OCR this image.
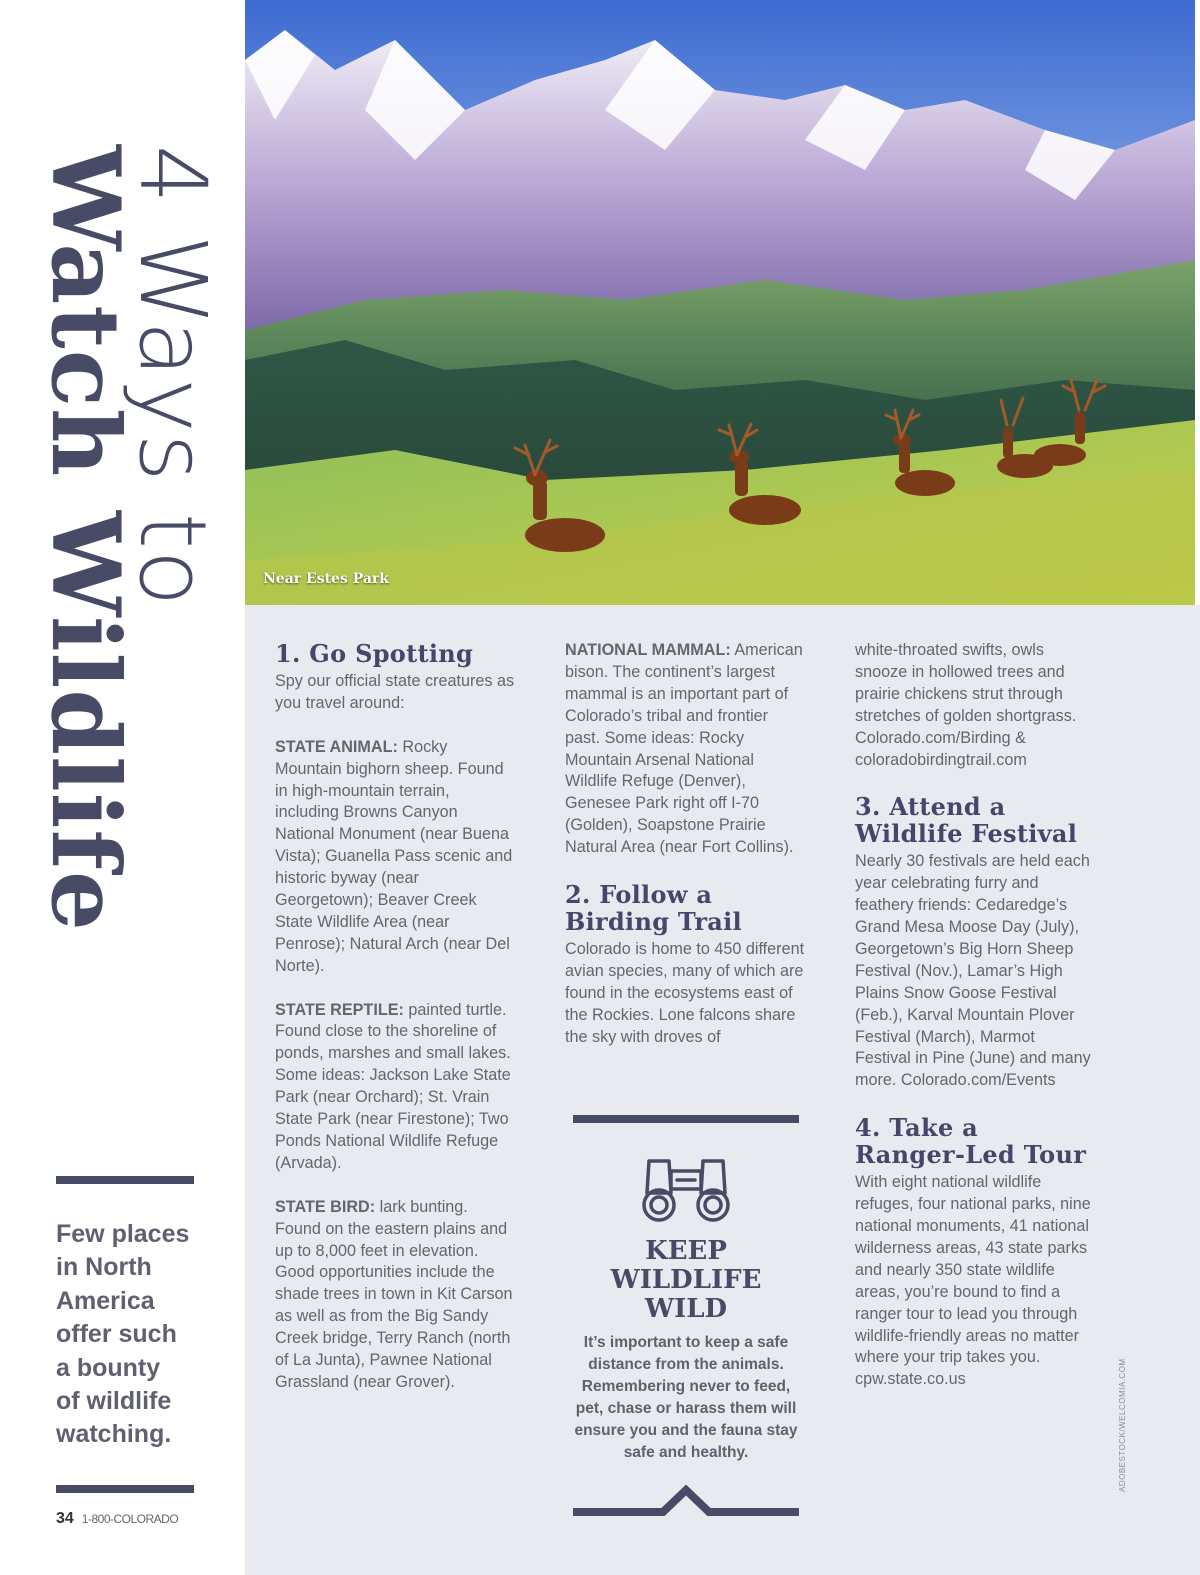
4 Ways to
Watch Wildlife

Few places
in North
America
offer such
a bounty
of wildlife
watching.

34 1-800-COLORADO
Near Estes Park
1. Go Spotting

Spy our official state creatures as you travel around:

STATE ANIMAL: Rocky Mountain bighorn sheep. Found in high-mountain terrain, including Browns Canyon National Monument (near Buena Vista); Guanella Pass scenic and historic byway (near Georgetown); Beaver Creek State Wildlife Area (near Penrose); Natural Arch (near Del Norte).

STATE REPTILE: painted turtle. Found close to the shoreline of ponds, marshes and small lakes. Some ideas: Jackson Lake State Park (near Orchard); St. Vrain State Park (near Firestone); Two Ponds National Wildlife Refuge (Arvada).

STATE BIRD: lark bunting. Found on the eastern plains and up to 8,000 feet in elevation. Good opportunities include the shade trees in town in Kit Carson as well as from the Big Sandy Creek bridge, Terry Ranch (north of La Junta), Pawnee National Grassland (near Grover).

NATIONAL MAMMAL: American bison. The continent’s largest mammal is an important part of Colorado’s tribal and frontier past. Some ideas: Rocky Mountain Arsenal National Wildlife Refuge (Denver), Genesee Park right off I-70 (Golden), Soapstone Prairie Natural Area (near Fort Collins).

2. Follow a Birding Trail

Colorado is home to 450 different avian species, many of which are found in the ecosystems east of the Rockies. Lone falcons share the sky with droves of

white-throated swifts, owls snooze in hollowed trees and prairie chickens strut through stretches of golden shortgrass. Colorado.com/Birding & coloradobirdingtrail.com

3. Attend a Wildlife Festival

Nearly 30 festivals are held each year celebrating furry and feathery friends: Cedaredge’s Grand Mesa Moose Day (July), Georgetown’s Big Horn Sheep Festival (Nov.), Lamar’s High Plains Snow Goose Festival (Feb.), Karval Mountain Plover Festival (March), Marmot Festival in Pine (June) and many more. Colorado.com/Events

4. Take a Ranger-Led Tour

With eight national wildlife refuges, four national parks, nine national monuments, 41 national wilderness areas, 43 state parks and nearly 350 state wildlife areas, you’re bound to find a ranger tour to lead you through wildlife-friendly areas no matter where your trip takes you. cpw.state.co.us

KEEP WILDLIFE WILD
It’s important to keep a safe distance from the animals. Remembering never to feed, pet, chase or harass them will ensure you and the fauna stay safe and healthy.	ADOBESTOCK/WELCOMIA.COM
